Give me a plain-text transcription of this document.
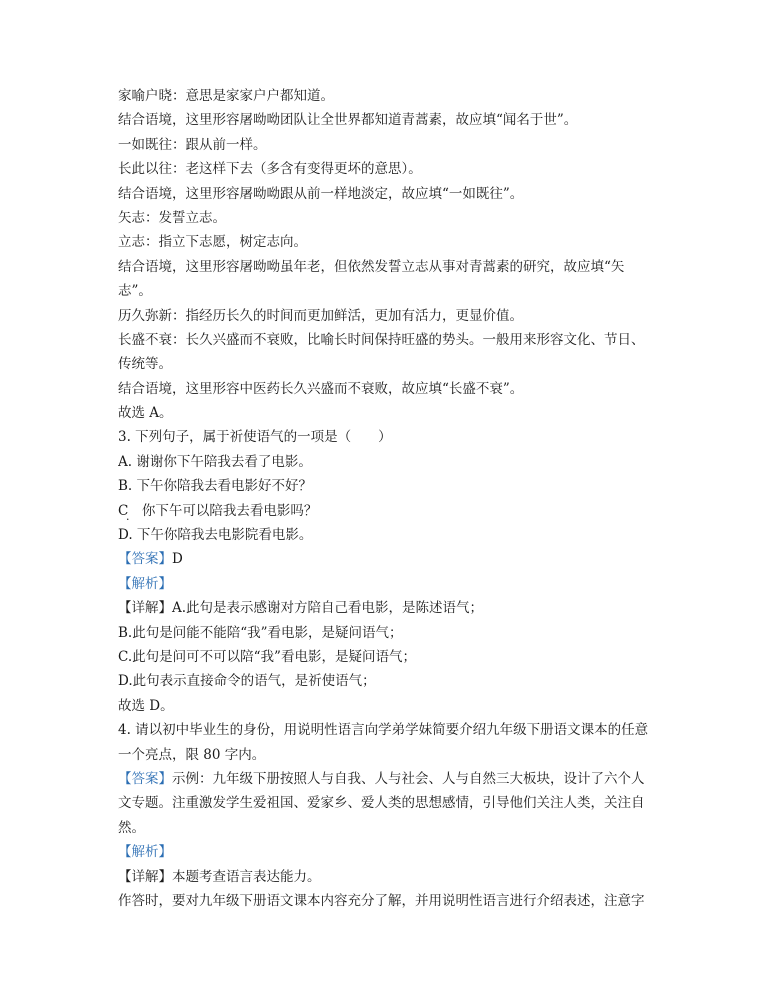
家喻户晓：意思是家家户户都知道。
结合语境，这里形容屠呦呦团队让全世界都知道青蒿素，故应填“闻名于世”。
一如既往：跟从前一样。
长此以往：老这样下去（多含有变得更坏的意思）。
结合语境，这里形容屠呦呦跟从前一样地淡定，故应填“一如既往”。
矢志：发誓立志。
立志：指立下志愿，树定志向。
结合语境，这里形容屠呦呦虽年老，但依然发誓立志从事对青蒿素的研究，故应填“矢
志”。
历久弥新：指经历长久的时间而更加鲜活，更加有活力，更显价值。
长盛不衰：长久兴盛而不衰败，比喻长时间保持旺盛的势头。一般用来形容文化、节日、
传统等。
结合语境，这里形容中医药长久兴盛而不衰败，故应填“长盛不衰”。
故选 A。
3. 下列句子，属于祈使语气的一项是（　　）
A. 谢谢你下午陪我去看了电影。
B. 下午你陪我去看电影好不好？
C　你下午可以陪我去看电影吗？ ·
D. 下午你陪我去电影院看电影。
【答案】D
【解析】
【详解】A.此句是表示感谢对方陪自己看电影，是陈述语气；
B.此句是问能不能陪“我”看电影，是疑问语气；
C.此句是问可不可以陪“我”看电影，是疑问语气；
D.此句表示直接命令的语气，是祈使语气；
故选 D。
4. 请以初中毕业生的身份，用说明性语言向学弟学妹简要介绍九年级下册语文课本的任意
一个亮点，限 80 字内。
【答案】示例：九年级下册按照人与自我、人与社会、人与自然三大板块，设计了六个人
文专题。注重激发学生爱祖国、爱家乡、爱人类的思想感情，引导他们关注人类，关注自
然。
【解析】
【详解】本题考查语言表达能力。
作答时，要对九年级下册语文课本内容充分了解，并用说明性语言进行介绍表述，注意字
